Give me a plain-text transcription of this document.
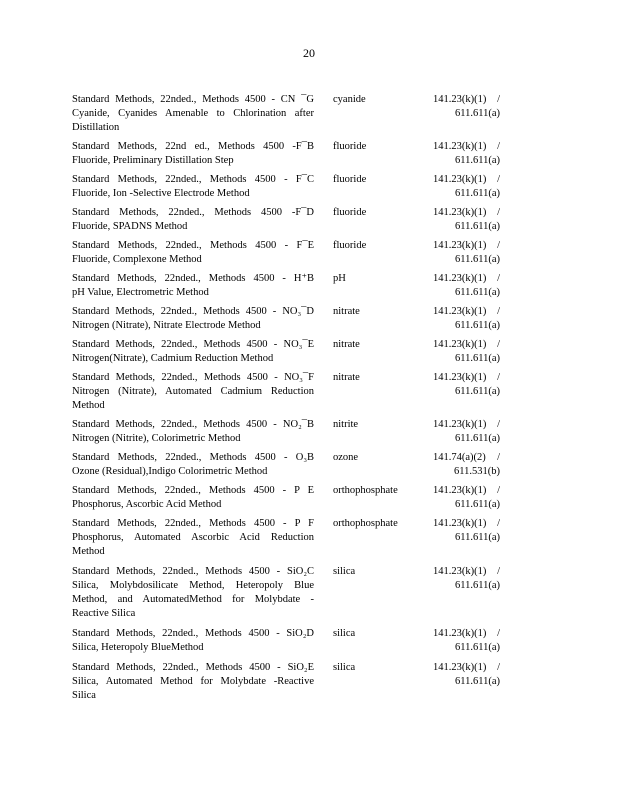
20
Standard Methods, 22nded., Methods 4500 - CN ¯G
Cyanide, Cyanides Amenable to Chlorination after
Distillation
cyanide	141.23(k)(1) /
611.611(a)
Standard Methods, 22nd ed., Methods 4500 -F¯B
Fluoride, Preliminary Distillation Step
fluoride	141.23(k)(1) /
611.611(a)
Standard Methods, 22nded., Methods 4500 - F¯C
Fluoride, Ion -Selective Electrode Method
fluoride	141.23(k)(1) /
611.611(a)
Standard Methods, 22nded., Methods 4500 -F¯D
Fluoride, SPADNS Method
fluoride	141.23(k)(1) /
611.611(a)
Standard Methods, 22nded., Methods 4500 - F¯E
Fluoride, Complexone Method
fluoride	141.23(k)(1) /
611.611(a)
Standard Methods, 22nded., Methods 4500 - H⁺B
pH Value, Electrometric Method
pH	141.23(k)(1) /
611.611(a)
Standard Methods, 22nded., Methods 4500 - NO₃¯D
Nitrogen (Nitrate), Nitrate Electrode Method
nitrate	141.23(k)(1) /
611.611(a)
Standard Methods, 22nded., Methods 4500 - NO₃¯E
Nitrogen(Nitrate), Cadmium Reduction Method
nitrate	141.23(k)(1) /
611.611(a)
Standard Methods, 22nded., Methods 4500 - NO₃¯F
Nitrogen (Nitrate), Automated Cadmium Reduction
Method
nitrate	141.23(k)(1) /
611.611(a)
Standard Methods, 22nded., Methods 4500 - NO₂¯B
Nitrogen (Nitrite), Colorimetric Method
nitrite	141.23(k)(1) /
611.611(a)
Standard Methods, 22nded., Methods 4500 - O₃B
Ozone (Residual),Indigo Colorimetric Method
ozone	141.74(a)(2) /
611.531(b)
Standard Methods, 22nded., Methods 4500 - P E
Phosphorus, Ascorbic Acid Method
orthophosphate	141.23(k)(1) /
611.611(a)
Standard Methods, 22nded., Methods 4500 - P F
Phosphorus, Automated Ascorbic Acid Reduction
Method
orthophosphate	141.23(k)(1) /
611.611(a)
Standard Methods, 22nded., Methods 4500 - SiO₂C
Silica, Molybdosilicate Method, Heteropoly Blue
Method, and AutomatedMethod for Molybdate -
Reactive Silica
silica	141.23(k)(1) /
611.611(a)
Standard Methods, 22nded., Methods 4500 - SiO₂D
Silica, Heteropoly BlueMethod
silica	141.23(k)(1) /
611.611(a)
Standard Methods, 22nded., Methods 4500 - SiO₂E
Silica, Automated Method for Molybdate -Reactive
Silica
silica	141.23(k)(1) /
611.611(a)
